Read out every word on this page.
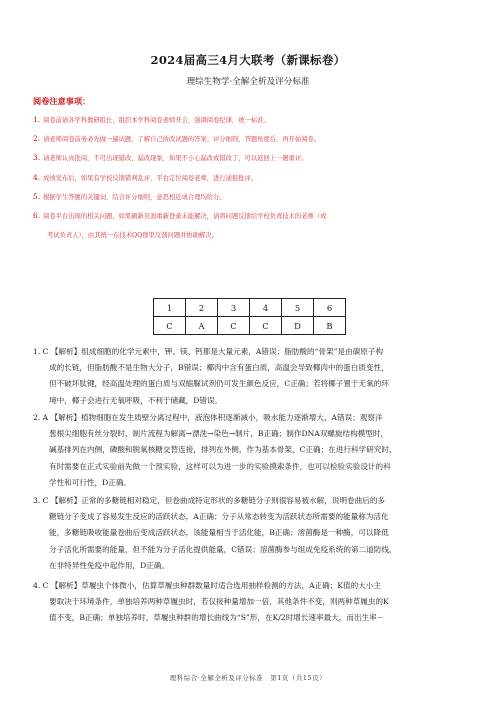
2024届高三4月大联考（新课标卷）
理综生物学·全解全析及评分标准
阅卷注意事项：
1. 阅卷前请各学科教研组长，组织本学科阅卷老师开会，强调阅卷纪律，统一标准。
2. 请老师阅卷前务必先做一遍试题，了解自己所改试题的答案、评分细则、答题角度后，再开始阅卷。
3. 请老师认真批阅，不可出现错改、漏改现象，如果不小心漏改或错改了，可以返回上一题重评。
4. 成绩发布后，如果有学校反馈错判乱评，平台定位阅卷老师，进行通报批评。
5. 根据学生答题的关键词，结合评分细则，意思相近或合理均给分。
6. 阅卷平台出现的相关问题，如果刷新页面重新登录未能解决，请将问题反馈给学校负责技术的老师（或
考试负责人），由其统一在技术QQ群里反馈问题并协助解决。
1	2	3	4	5	6
C	A	C	C	D	B
1. C 【解析】组成细胞的化学元素中，钾、镁、钙都是大量元素，A错误；脂肪酸的“骨架”是由碳原子构
成的长链，但脂肪酸不是生物大分子，B错误；椰肉中含有蛋白质，高温会导致椰肉中的蛋白质变性，
但不破坏肽键，经高温处理的蛋白质与双缩脲试剂仍可发生颜色反应，C正确；若将椰子置于无氧的环
境中，椰子会进行无氧呼吸，不利于储藏，D错误。
2. A 【解析】植物细胞在发生质壁分离过程中，液泡体积逐渐减小，吸水能力逐渐增大，A错误；观察洋
葱根尖细胞有丝分裂时，制片流程为解离→漂洗→染色→制片，B正确；制作DNA双螺旋结构模型时，
碱基排列在内侧，磷酸和脱氧核糖交替连接，排列在外侧，作为基本骨架，C正确；在进行科学研究时，
有时需要在正式实验前先做一个预实验，这样可以为进一步的实验摸索条件，也可以检验实验设计的科
学性和可行性，D正确。
3. C 【解析】正常的多糖链相对稳定，但卷曲成特定形状的多糖链分子则很容易被水解，说明卷曲后的多
糖链分子变成了容易发生反应的活跃状态，A正确；分子从常态转变为活跃状态所需要的能量称为活化
能，多糖链吸收能量卷曲后变成活跃状态，该能量相当于活化能，B正确；溶菌酶是一种酶，可以降低
分子活化所需要的能量，但不能为分子活化提供能量，C错误；溶菌酶参与组成免疫系统的第二道防线，
在非特异性免疫中起作用，D正确。
4. C 【解析】草履虫个体微小，估算草履虫种群数量时适合选用抽样检测的方法，A正确；K值的大小主
要取决于环境条件，单独培养两种草履虫时，若仅接种量增加一倍，其他条件不变，则两种草履虫的K
值不变，B正确；单独培养时，草履虫种群的增长曲线为“S”形，在K/2时增长速率最大，而出生率－
理科综合·全解全析及评分标准　第1页（共15页）
